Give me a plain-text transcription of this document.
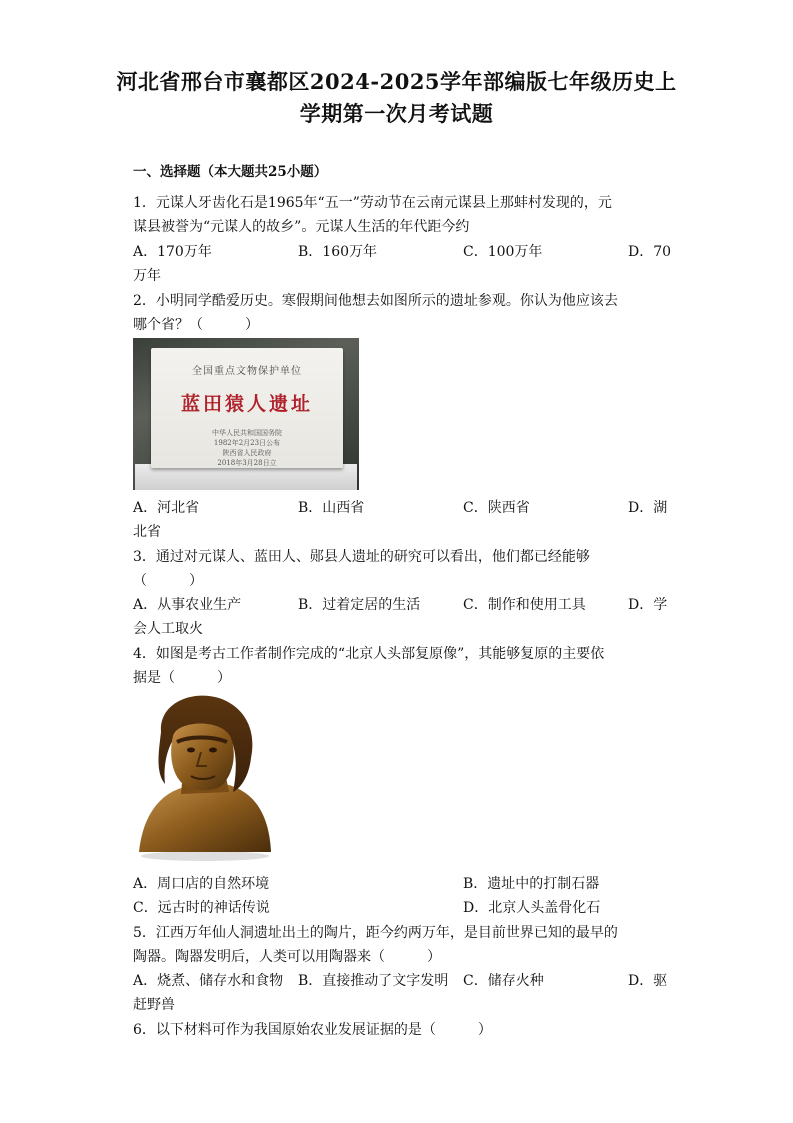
河北省邢台市襄都区2024-2025学年部编版七年级历史上
学期第一次月考试题
一、选择题（本大题共25小题）
1．元谋人牙齿化石是1965年“五一”劳动节在云南元谋县上那蚌村发现的，元
谋县被誉为“元谋人的故乡”。元谋人生活的年代距今约
A．170万年	B．160万年	C．100万年	D．70
万年
2．小明同学酷爱历史。寒假期间他想去如图所示的遗址参观。你认为他应该去
哪个省？（　　　）
全国重点文物保护单位
蓝田猿人遗址
中华人民共和国国务院
1982年2月23日公布
陕西省人民政府
2018年3月28日立
A．河北省	B．山西省	C．陕西省	D．湖
北省
3．通过对元谋人、蓝田人、郧县人遗址的研究可以看出，他们都已经能够
（　　　）
A．从事农业生产	B．过着定居的生活	C．制作和使用工具	D．学
会人工取火
4．如图是考古工作者制作完成的“北京人头部复原像”，其能够复原的主要依
据是（　　　）
A．周口店的自然环境	B．遗址中的打制石器
C．远古时的神话传说	D．北京人头盖骨化石
5．江西万年仙人洞遗址出土的陶片，距今约两万年，是目前世界已知的最早的
陶器。陶器发明后，人类可以用陶器来（　　　）
A．烧煮、储存水和食物 B．直接推动了文字发明 C．储存火种	D．驱
赶野兽
6．以下材料可作为我国原始农业发展证据的是（　　　）
